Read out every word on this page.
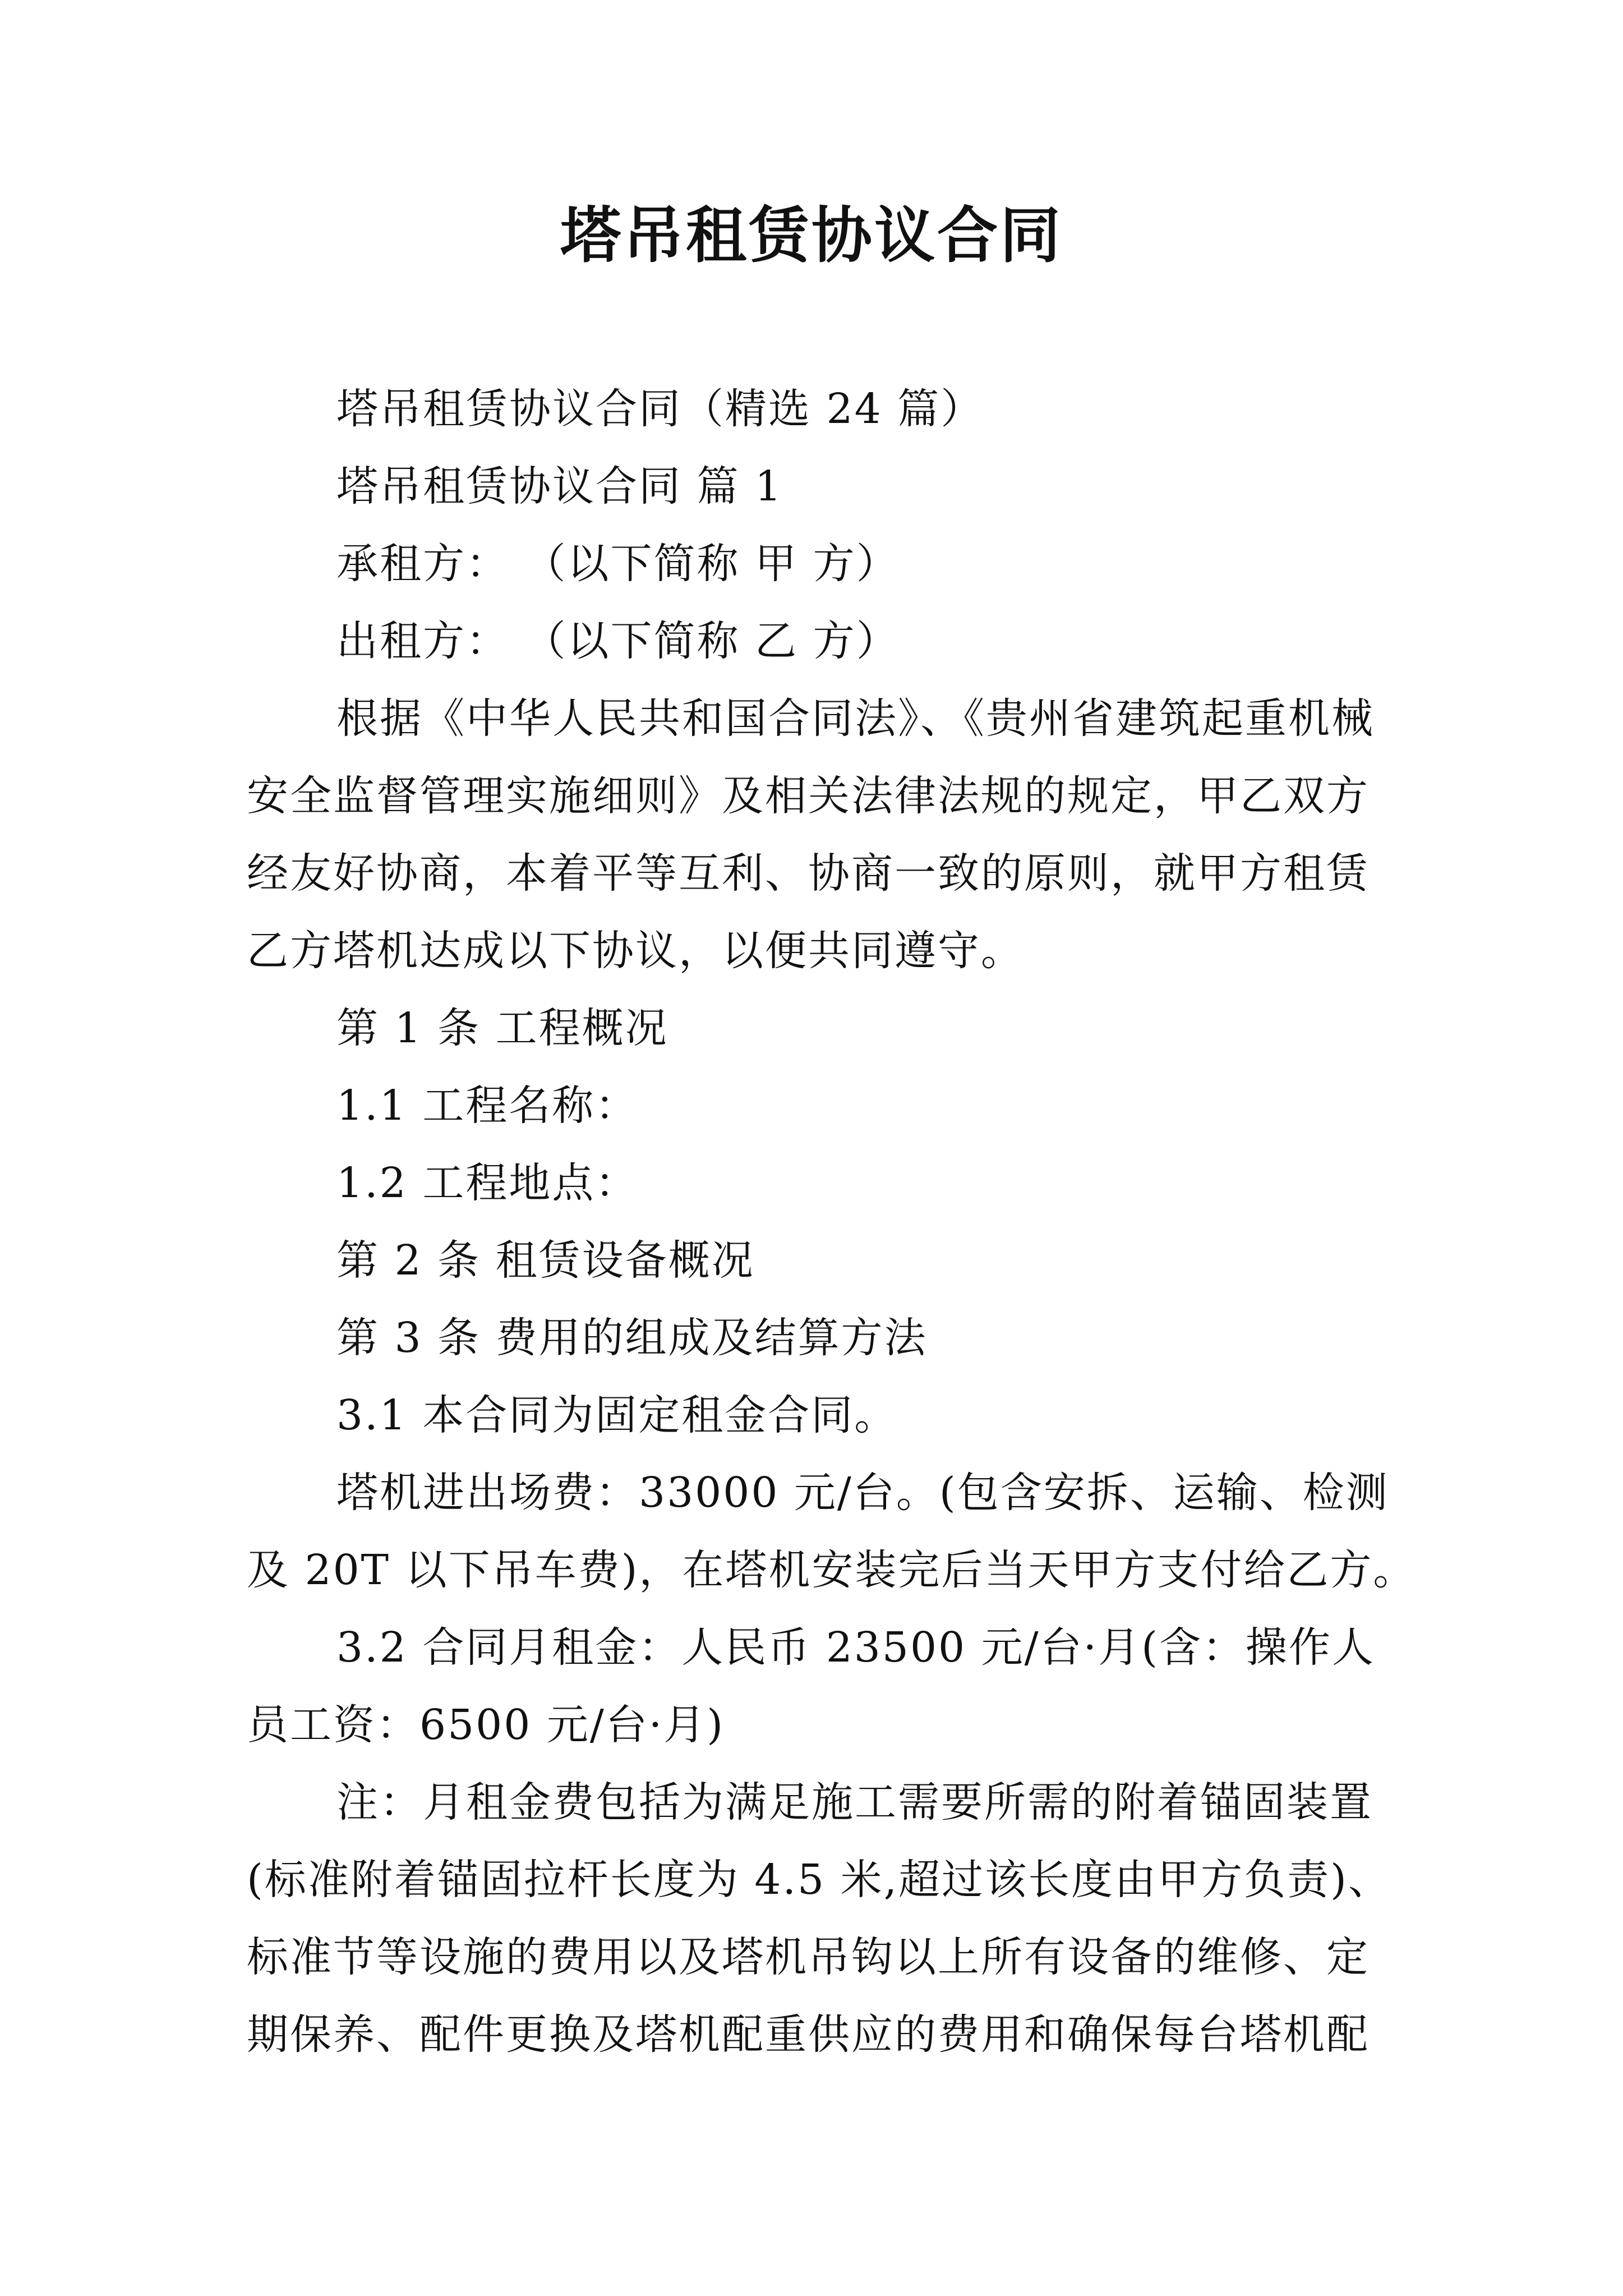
塔吊租赁协议合同
塔吊租赁协议合同（精选 24 篇）
塔吊租赁协议合同 篇 1
承租方： （以下简称 甲 方）
出租方： （以下简称 乙 方）
根据《中华人民共和国合同法》、《贵州省建筑起重机械
安全监督管理实施细则》及相关法律法规的规定，甲乙双方
经友好协商，本着平等互利、协商一致的原则，就甲方租赁
乙方塔机达成以下协议，以便共同遵守。
第 1 条 工程概况
1.1 工程名称：
1.2 工程地点：
第 2 条 租赁设备概况
第 3 条 费用的组成及结算方法
3.1 本合同为固定租金合同。
塔机进出场费：33000 元/台。(包含安拆、运输、检测
及 20T 以下吊车费)，在塔机安装完后当天甲方支付给乙方。
3.2 合同月租金：人民币 23500 元/台·月(含：操作人
员工资：6500 元/台·月)
注：月租金费包括为满足施工需要所需的附着锚固装置
(标准附着锚固拉杆长度为 4.5 米,超过该长度由甲方负责)、
标准节等设施的费用以及塔机吊钩以上所有设备的维修、定
期保养、配件更换及塔机配重供应的费用和确保每台塔机配
